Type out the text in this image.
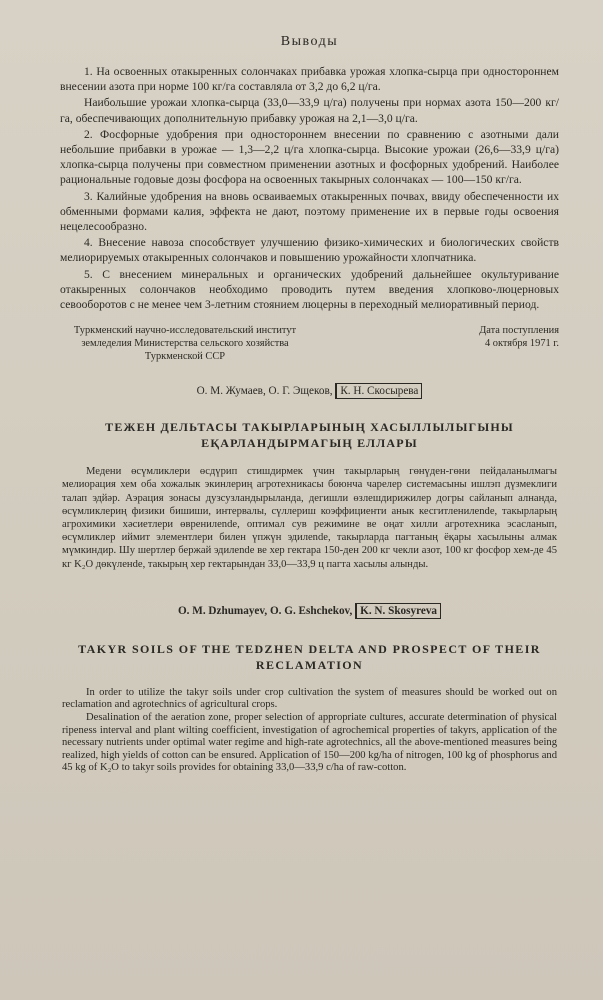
Выводы

1. На освоенных отакыренных солончаках прибавка урожая хлопка-сырца при одностороннем внесении азота при норме 100 кг/га составляла от 3,2 до 6,2 ц/га.

Наибольшие урожаи хлопка-сырца (33,0—33,9 ц/га) получены при нормах азота 150—200 кг/га, обеспечивающих дополнительную прибавку урожая на 2,1—3,0 ц/га.

2. Фосфорные удобрения при одностороннем внесении по сравнению с азотными дали небольшие прибавки в урожае — 1,3—2,2 ц/га хлопка-сырца. Высокие урожаи (26,6—33,9 ц/га) хлопка-сырца получены при совместном применении азотных и фосфорных удобрений. Наиболее рациональные годовые дозы фосфора на освоенных такырных солончаках — 100—150 кг/га.

3. Калийные удобрения на вновь осваиваемых отакыренных почвах, ввиду обеспеченности их обменными формами калия, эффекта не дают, поэтому применение их в первые годы освоения нецелесообразно.

4. Внесение навоза способствует улучшению физико-химических и биологических свойств мелиорируемых отакыренных солончаков и повышению урожайности хлопчатника.

5. С внесением минеральных и органических удобрений дальнейшее окультуривание отакыренных солончаков необходимо проводить путем введения хлопково-люцерновых севооборотов с не менее чем 3-летним стоянием люцерны в переходный мелиоративный период.

Туркменский научно-исследовательский институт земледелия Министерства сельского хозяйства Туркменской ССР
Дата поступления
4 октября 1971 г.
О. М. Жумаев, О. Г. Эщеков, К. Н. Скосырева
ТЕЖЕН ДЕЛЬТАСЫ ТАКЫРЛАРЫНЫҢ ХАСЫЛЛЫЛЫГЫНЫ ЕҚАРЛАНДЫРМАГЫҢ ЕЛЛАРЫ

Медени өсүмликлери өсдүрип стишдирмек үчин такырларың гөнүден-гөни пейдаланылмагы мелиорация хем оба хожалык экинлериң агротехникасы боюнча чарелер системасыны ишлэп дүзмеклиги талап эдйәр. Аэрация зонасы дузсузландырыланда, дегишли өзлешдирижилер догры сайланып алнанда, өсүмликлериң физики бишиши, интервалы, сүллериш коэффициенти анык кесгитленилende, такырларың агрохимики хәсиетлери өвренилende, оптимал сув режимине ве оңат хилли агротехника эсасланып, өсүмликлер иймит элементлери билен үпжүн эдилende, такырларда пагтаның ёқары хасылыны алмак мүмкиндир. Шу шертлер бержай эдилende ве хер гектара 150-ден 200 кг чекли азот, 100 кг фосфор хем-де 45 кг K₂O дөкүленde, такырың хер гектарындан 33,0—33,9 ц пагта хасылы алынды.

O. M. Dzhumayev, O. G. Eshchekov, K. N. Skosyreva
TAKYR SOILS OF THE TEDZHEN DELTA AND PROSPECT OF THEIR RECLAMATION

In order to utilize the takyr soils under crop cultivation the system of measures should be worked out on reclamation and agrotechnics of agricultural crops.

Desalination of the aeration zone, proper selection of appropriate cultures, accurate determination of physical ripeness interval and plant wilting coefficient, investigation of agrochemical properties of takyrs, application of the necessary nutrients under optimal water regime and high-rate agrotechnics, all the above-mentioned measures being realized, high yields of cotton can be ensured. Application of 150—200 kg/ha of nitrogen, 100 kg of phosphorus and 45 kg of K₂O to takyr soils provides for obtaining 33,0—33,9 c/ha of raw-cotton.
